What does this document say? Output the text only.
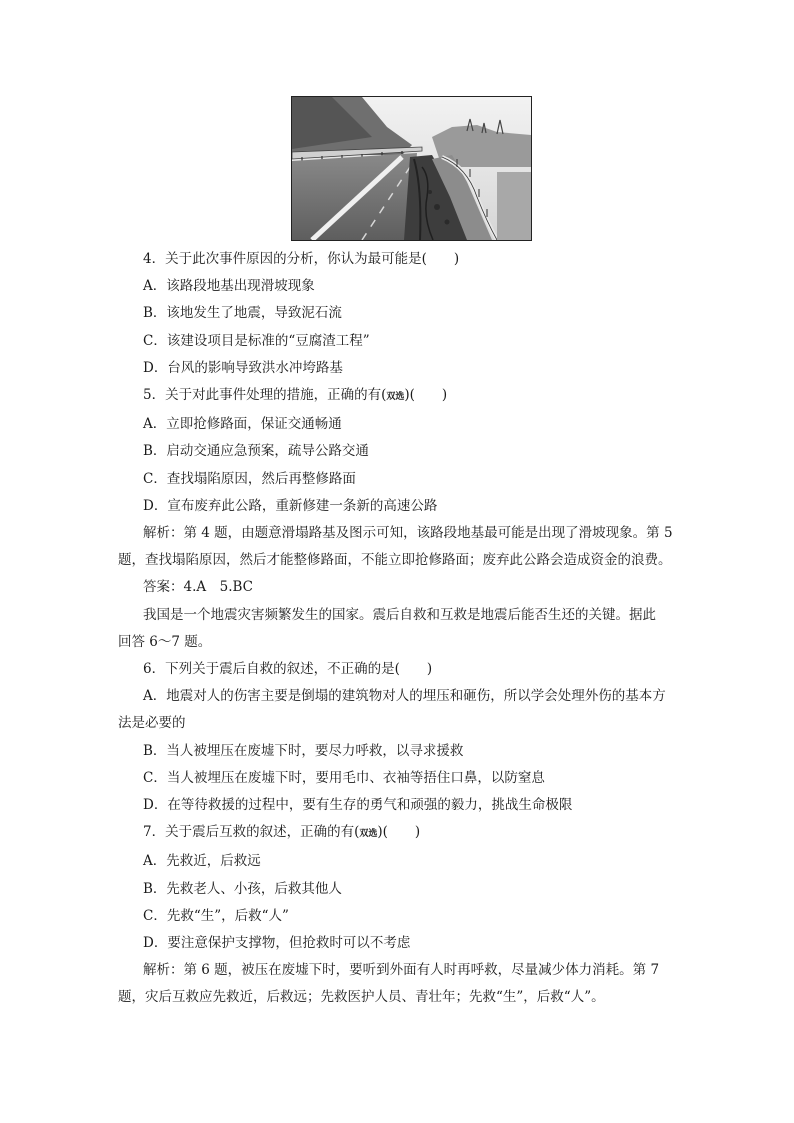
4．关于此次事件原因的分析，你认为最可能是(　　)
A．该路段地基出现滑坡现象
B．该地发生了地震，导致泥石流
C．该建设项目是标准的“豆腐渣工程”
D．台风的影响导致洪水冲垮路基
5．关于对此事件处理的措施，正确的有(双选)(　　)
A．立即抢修路面，保证交通畅通
B．启动交通应急预案，疏导公路交通
C．查找塌陷原因，然后再整修路面
D．宣布废弃此公路，重新修建一条新的高速公路
解析：第 4 题，由题意滑塌路基及图示可知，该路段地基最可能是出现了滑坡现象。第 5
题，查找塌陷原因，然后才能整修路面，不能立即抢修路面；废弃此公路会造成资金的浪费。
答案：4.A　5.BC
我国是一个地震灾害频繁发生的国家。震后自救和互救是地震后能否生还的关键。据此
回答 6～7 题。
6．下列关于震后自救的叙述，不正确的是(　　)
A．地震对人的伤害主要是倒塌的建筑物对人的埋压和砸伤，所以学会处理外伤的基本方
法是必要的
B．当人被埋压在废墟下时，要尽力呼救，以寻求援救
C．当人被埋压在废墟下时，要用毛巾、衣袖等捂住口鼻，以防窒息
D．在等待救援的过程中，要有生存的勇气和顽强的毅力，挑战生命极限
7．关于震后互救的叙述，正确的有(双选)(　　)
A．先救近，后救远
B．先救老人、小孩，后救其他人
C．先救“生”，后救“人”
D．要注意保护支撑物，但抢救时可以不考虑
解析：第 6 题，被压在废墟下时，要听到外面有人时再呼救，尽量减少体力消耗。第 7
题，灾后互救应先救近，后救远；先救医护人员、青壮年；先救“生”，后救“人”。
